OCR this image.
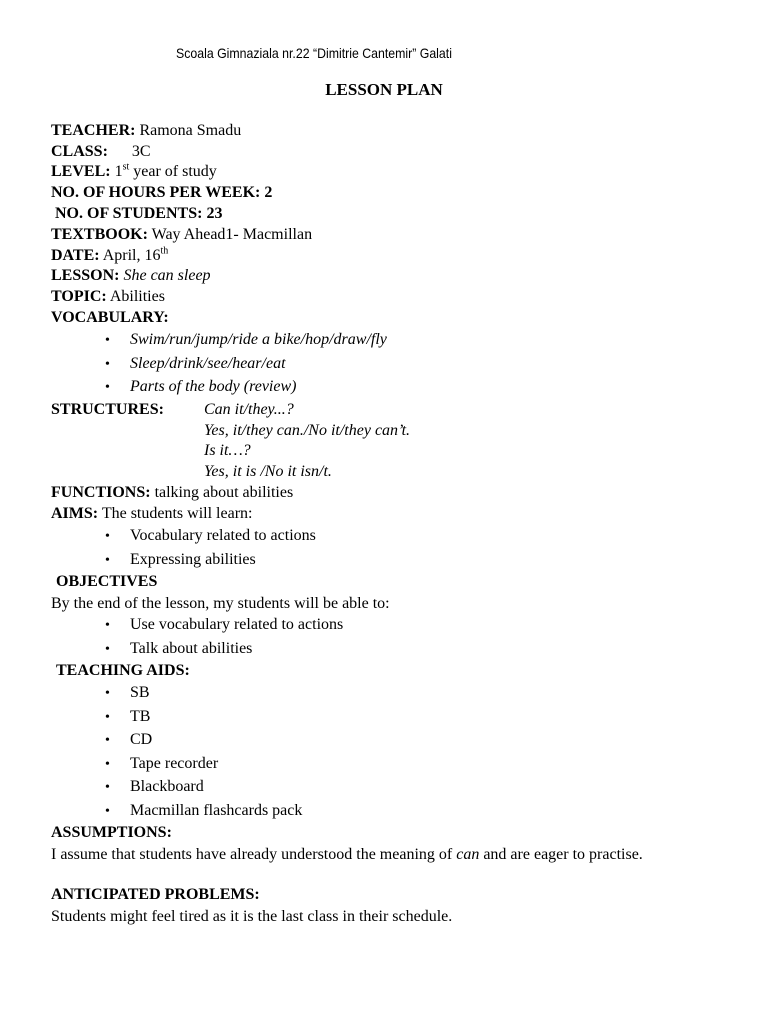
Scoala Gimnaziala nr.22 “Dimitrie Cantemir” Galati
LESSON PLAN
TEACHER: Ramona Smadu
CLASS: 3C
LEVEL: 1st year of study
NO. OF HOURS PER WEEK: 2
NO. OF STUDENTS: 23
TEXTBOOK: Way Ahead1- Macmillan
DATE: April, 16th
LESSON: She can sleep
TOPIC: Abilities
VOCABULARY:
• Swim/run/jump/ride a bike/hop/draw/fly
• Sleep/drink/see/hear/eat
• Parts of the body (review)
STRUCTURES:	Can it/they...?
Yes, it/they can./No it/they can’t.
Is it…?
Yes, it is /No it isn/t.
FUNCTIONS: talking about abilities
AIMS: The students will learn:
• Vocabulary related to actions
• Expressing abilities
OBJECTIVES
By the end of the lesson, my students will be able to:
• Use vocabulary related to actions
• Talk about abilities
TEACHING AIDS:
• SB
• TB
• CD
• Tape recorder
• Blackboard
• Macmillan flashcards pack
ASSUMPTIONS:
I assume that students have already understood the meaning of can and are eager to practise.
ANTICIPATED PROBLEMS:
Students might feel tired as it is the last class in their schedule.
